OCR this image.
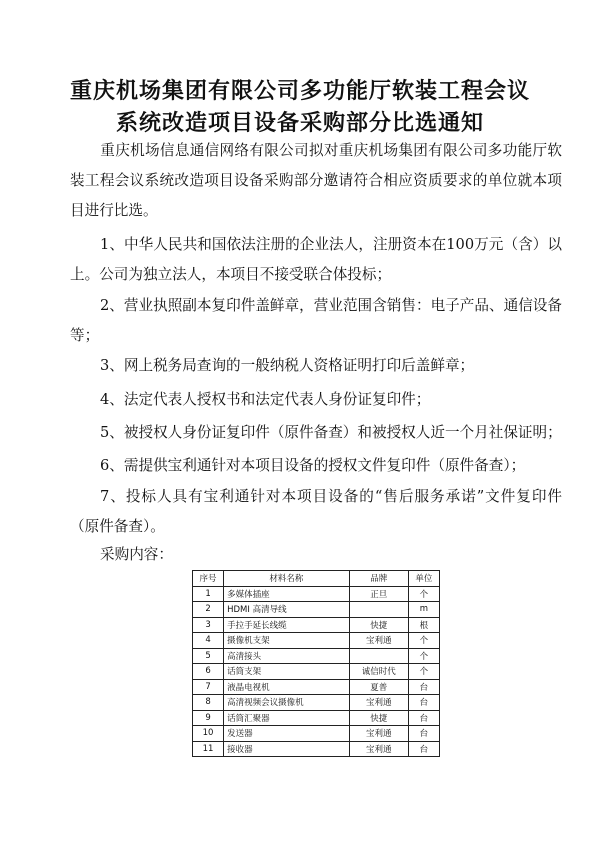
重庆机场集团有限公司多功能厅软装工程会议
系统改造项目设备采购部分比选通知

重庆机场信息通信网络有限公司拟对重庆机场集团有限公司多功能厅软装工程会议系统改造项目设备采购部分邀请符合相应资质要求的单位就本项目进行比选。

1、中华人民共和国依法注册的企业法人，注册资本在100万元（含）以上。公司为独立法人，本项目不接受联合体投标；

2、营业执照副本复印件盖鲜章，营业范围含销售：电子产品、通信设备等；

3、网上税务局查询的一般纳税人资格证明打印后盖鲜章；

4、法定代表人授权书和法定代表人身份证复印件；

5、被授权人身份证复印件（原件备查）和被授权人近一个月社保证明；

6、需提供宝利通针对本项目设备的授权文件复印件（原件备查）；

7、投标人具有宝利通针对本项目设备的“售后服务承诺”文件复印件（原件备查）。

采购内容：

序号	材料名称	品牌	单位
1	多媒体插座	正旦	个
2	HDMI 高清导线		m
3	手拉手延长线缆	快捷	根
4	摄像机支架	宝利通	个
5	高清接头		个
6	话筒支架	诚信时代	个
7	液晶电视机	夏普	台
8	高清视频会议摄像机	宝利通	台
9	话筒汇聚器	快捷	台
10	发送器	宝利通	台
11	接收器	宝利通	台
